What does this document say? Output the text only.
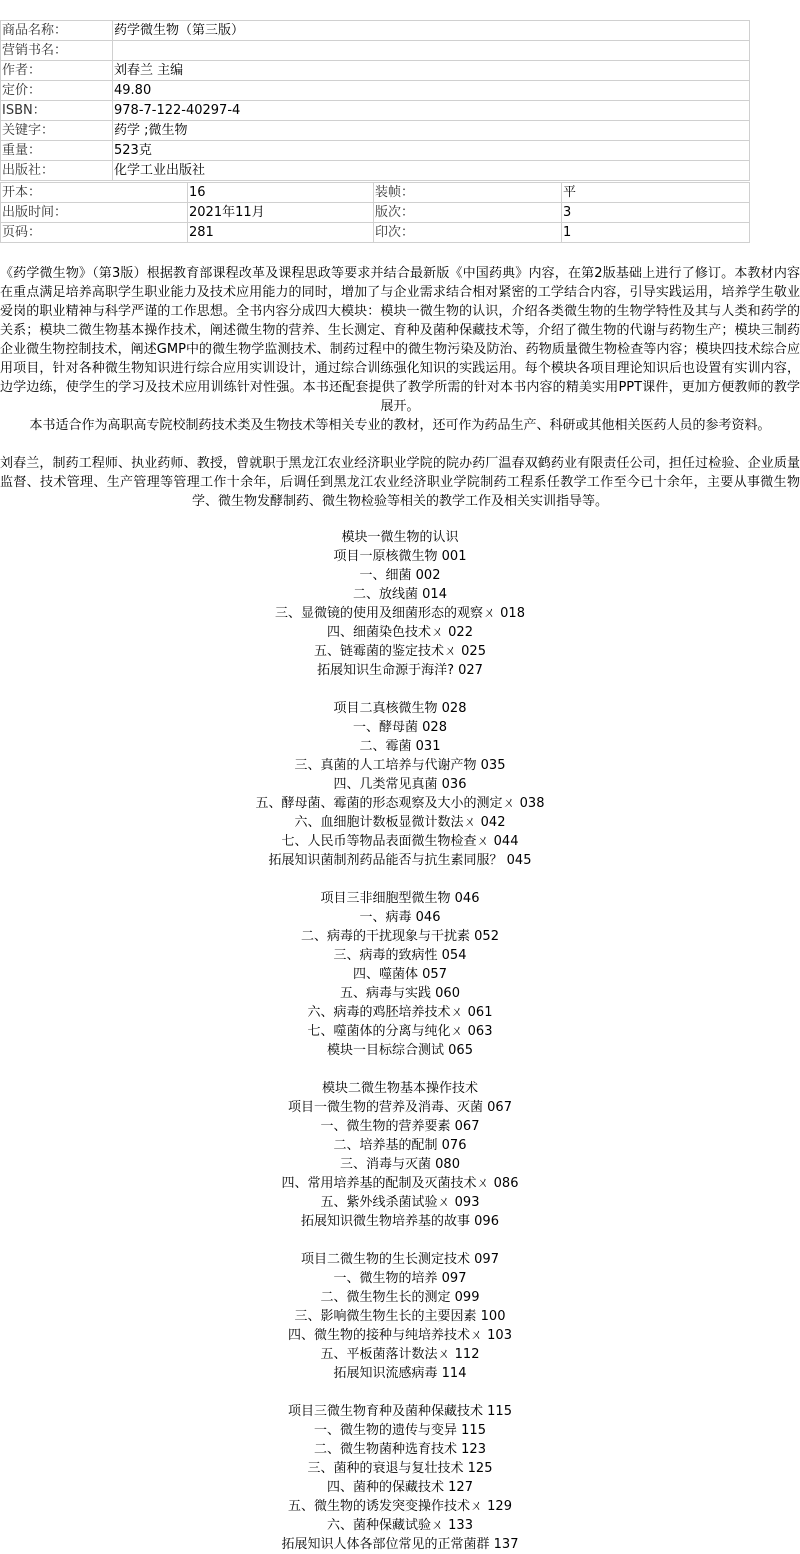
商品名称：	药学微生物（第三版）
营销书名：	
作者：	刘春兰 主编
定价：	49.80
ISBN：	978-7-122-40297-4
关键字：	药学 ;微生物
重量：	523克
出版社：	化学工业出版社
开本：	16	装帧：	平
出版时间：	2021年11月	版次：	3
页码：	281	印次：	1

《药学微生物》（第3版）根据教育部课程改革及课程思政等要求并结合最新版《中国药典》内容，在第2版基础上进行了修订。本教材内容在重点满足培养高职学生职业能力及技术应用能力的同时，增加了与企业需求结合相对紧密的工学结合内容，引导实践运用，培养学生敬业爱岗的职业精神与科学严谨的工作思想。全书内容分成四大模块：模块一微生物的认识，介绍各类微生物的生物学特性及其与人类和药学的关系；模块二微生物基本操作技术，阐述微生物的营养、生长测定、育种及菌种保藏技术等，介绍了微生物的代谢与药物生产；模块三制药企业微生物控制技术，阐述GMP中的微生物学监测技术、制药过程中的微生物污染及防治、药物质量微生物检查等内容；模块四技术综合应用项目，针对各种微生物知识进行综合应用实训设计，通过综合训练强化知识的实践运用。每个模块各项目理论知识后也设置有实训内容，边学边练，使学生的学习及技术应用训练针对性强。本书还配套提供了教学所需的针对本书内容的精美实用PPT课件，更加方便教师的教学展开。

本书适合作为高职高专院校制药技术类及生物技术等相关专业的教材，还可作为药品生产、科研或其他相关医药人员的参考资料。

刘春兰，制药工程师、执业药师、教授，曾就职于黑龙江农业经济职业学院的院办药厂温春双鹤药业有限责任公司，担任过检验、企业质量监督、技术管理、生产管理等管理工作十余年，后调任到黑龙江农业经济职业学院制药工程系任教学工作至今已十余年，主要从事微生物学、微生物发酵制药、微生物检验等相关的教学工作及相关实训指导等。

模块一微生物的认识
项目一原核微生物 001
一、细菌 002
二、放线菌 014
三、显微镜的使用及细菌形态的观察ㄨ 018
四、细菌染色技术ㄨ 022
五、链霉菌的鉴定技术ㄨ 025
拓展知识生命源于海洋? 027
项目二真核微生物 028
一、酵母菌 028
二、霉菌 031
三、真菌的人工培养与代谢产物 035
四、几类常见真菌 036
五、酵母菌、霉菌的形态观察及大小的测定ㄨ 038
六、血细胞计数板显微计数法ㄨ 042
七、人民币等物品表面微生物检查ㄨ 044
拓展知识菌制剂药品能否与抗生素同服？ 045
项目三非细胞型微生物 046
一、病毒 046
二、病毒的干扰现象与干扰素 052
三、病毒的致病性 054
四、噬菌体 057
五、病毒与实践 060
六、病毒的鸡胚培养技术ㄨ 061
七、噬菌体的分离与纯化ㄨ 063
模块一目标综合测试 065
模块二微生物基本操作技术
项目一微生物的营养及消毒、灭菌 067
一、微生物的营养要素 067
二、培养基的配制 076
三、消毒与灭菌 080
四、常用培养基的配制及灭菌技术ㄨ 086
五、紫外线杀菌试验ㄨ 093
拓展知识微生物培养基的故事 096
项目二微生物的生长测定技术 097
一、微生物的培养 097
二、微生物生长的测定 099
三、影响微生物生长的主要因素 100
四、微生物的接种与纯培养技术ㄨ 103
五、平板菌落计数法ㄨ 112
拓展知识流感病毒 114
项目三微生物育种及菌种保藏技术 115
一、微生物的遗传与变异 115
二、微生物菌种选育技术 123
三、菌种的衰退与复壮技术 125
四、菌种的保藏技术 127
五、微生物的诱发突变操作技术ㄨ 129
六、菌种保藏试验ㄨ 133
拓展知识人体各部位常见的正常菌群 137
